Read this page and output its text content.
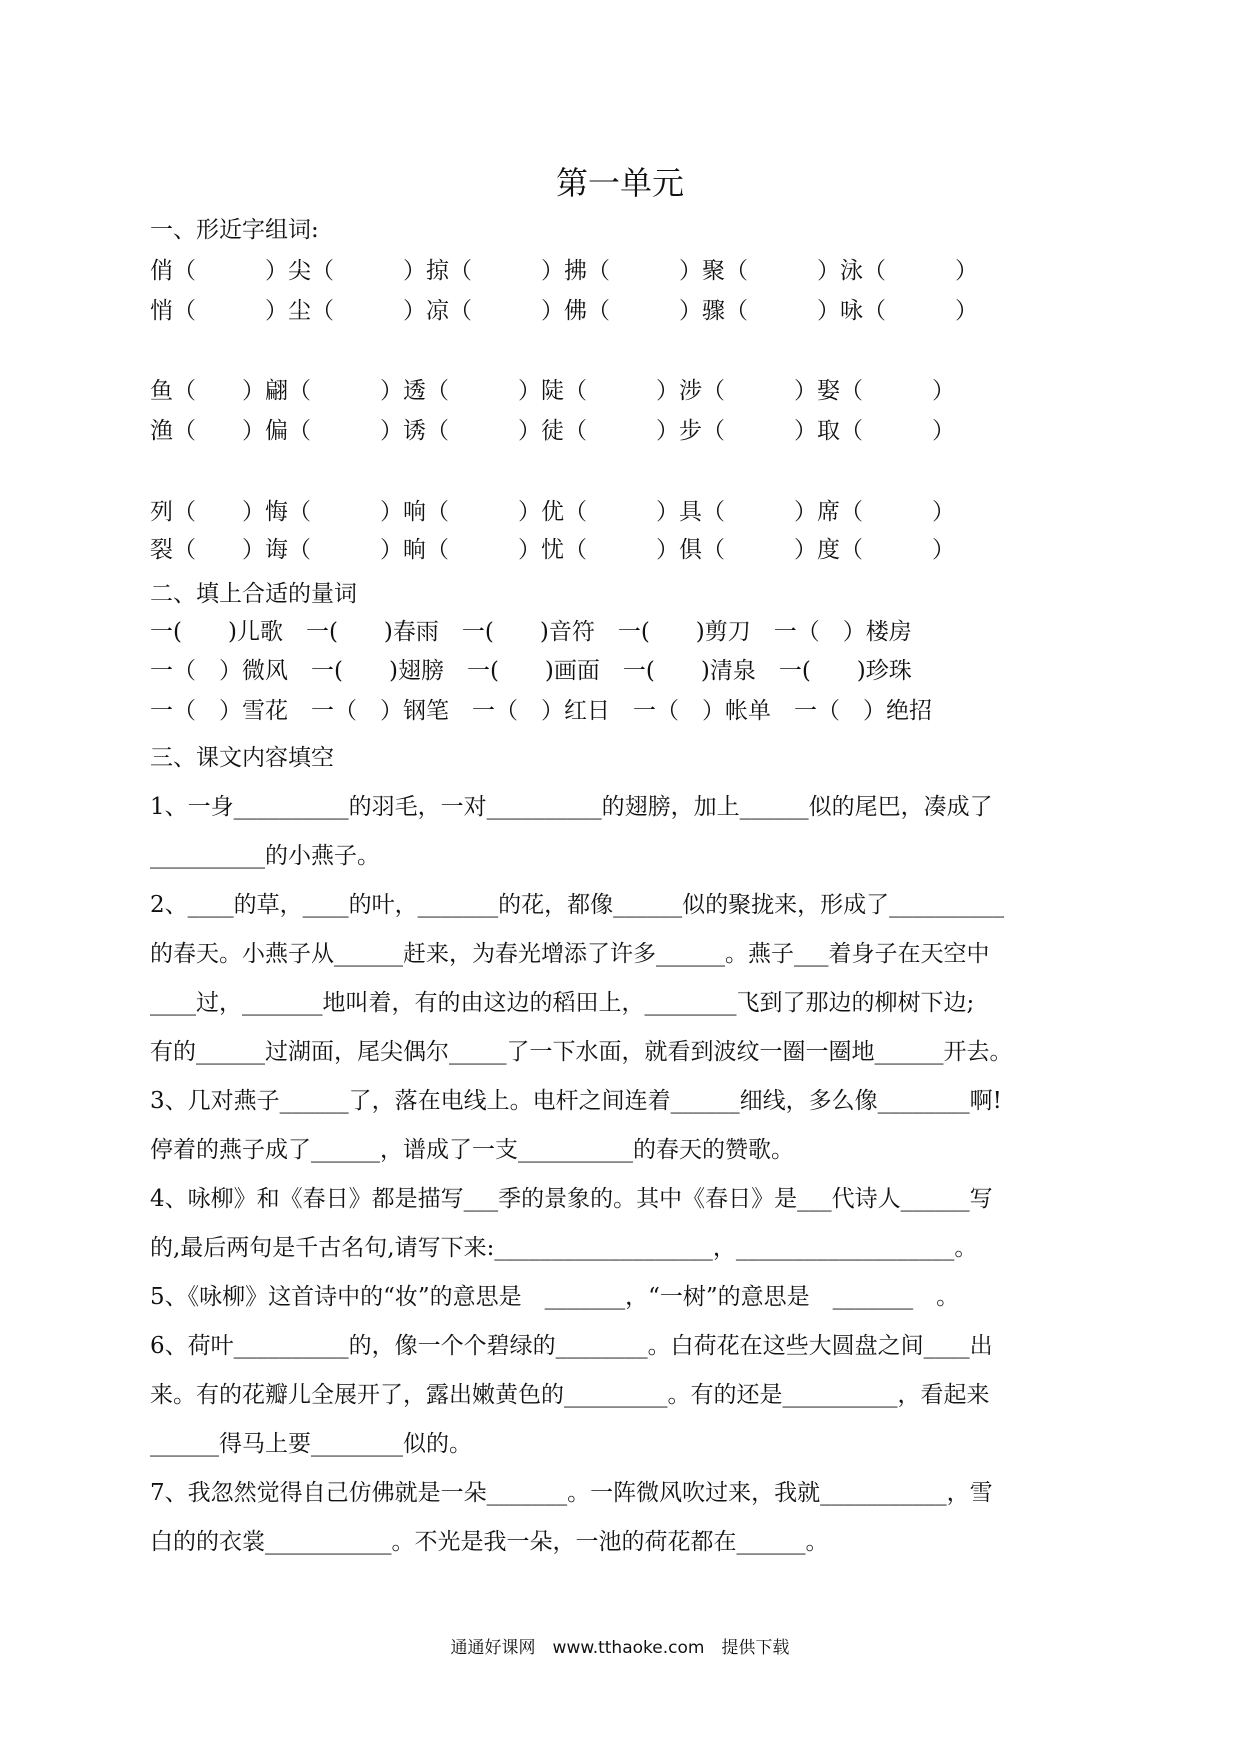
第一单元
一、形近字组词:
俏（　　　）尖（　　　）掠（　　　）拂（　　　）聚（　　　）泳（　　　）
悄（　　　）尘（　　　）凉（　　　）佛（　　　）骤（　　　）咏（　　　）
鱼（　　）翩（　　　）透（　　　）陡（　　　）涉（　　　）娶（　　　）
渔（　　）偏（　　　）诱（　　　）徒（　　　）步（　　　）取（　　　）
列（　　）悔（　　　）响（　　　）优（　　　）具（　　　）席（　　　）
裂（　　）诲（　　　）晌（　　　）忧（　　　）俱（　　　）度（　　　）
二、填上合适的量词
一(　　)儿歌　一(　　)春雨　一(　　)音符　一(　　)剪刀　一（　）楼房
一（　）微风　一(　　)翅膀　一(　　)画面　一(　　)清泉　一(　　)珍珠
一（　）雪花　一（　）钢笔　一（　）红日　一（　）帐单　一（　）绝招
三、课文内容填空
1、一身__________的羽毛，一对__________的翅膀，加上______似的尾巴，凑成了
__________的小燕子。
2、____的草，____的叶，_______的花，都像______似的聚拢来，形成了__________
的春天。小燕子从______赶来，为春光增添了许多______。燕子___着身子在天空中
____过，_______地叫着，有的由这边的稻田上，________飞到了那边的柳树下边;
有的______过湖面，尾尖偶尔_____了一下水面，就看到波纹一圈一圈地______开去。
3、几对燕子______了，落在电线上。电杆之间连着______细线，多么像________啊!
停着的燕子成了______，谱成了一支__________的春天的赞歌。
4、咏柳》和《春日》都是描写___季的景象的。其中《春日》是___代诗人______写
的,最后两句是千古名句,请写下来:___________________，___________________。
5、《咏柳》这首诗中的“妆”的意思是　_______，“一树”的意思是　_______　。
6、荷叶__________的，像一个个碧绿的________。白荷花在这些大圆盘之间____出
来。有的花瓣儿全展开了，露出嫩黄色的_________。有的还是__________，看起来
______得马上要________似的。
7、我忽然觉得自己仿佛就是一朵_______。一阵微风吹过来，我就___________，雪
白的的衣裳___________。不光是我一朵，一池的荷花都在______。
通通好课网　www.tthaoke.com　提供下载
